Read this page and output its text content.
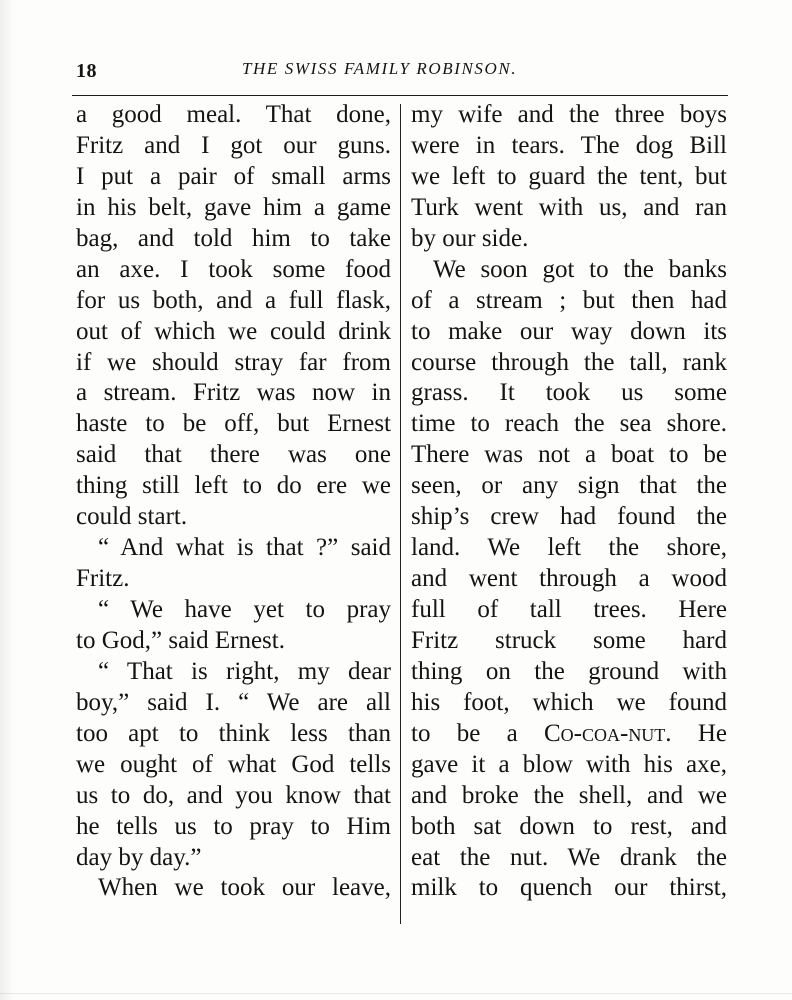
18	THE SWISS FAMILY ROBINSON.
a good meal. That done,
Fritz and I got our guns.
I put a pair of small arms
in his belt, gave him a game
bag, and told him to take
an axe. I took some food
for us both, and a full flask,
out of which we could drink
if we should stray far from
a stream. Fritz was now in
haste to be off, but Ernest
said that there was one
thing still left to do ere we
could start.
“ And what is that ?” said
Fritz.
“ We have yet to pray
to God,” said Ernest.
“ That is right, my dear
boy,” said I. “ We are all
too apt to think less than
we ought of what God tells
us to do, and you know that
he tells us to pray to Him
day by day.”
When we took our leave,
my wife and the three boys
were in tears. The dog Bill
we left to guard the tent, but
Turk went with us, and ran
by our side.
We soon got to the banks
of a stream ; but then had
to make our way down its
course through the tall, rank
grass. It took us some
time to reach the sea shore.
There was not a boat to be
seen, or any sign that the
ship’s crew had found the
land. We left the shore,
and went through a wood
full of tall trees. Here
Fritz struck some hard
thing on the ground with
his foot, which we found
to be a Co-coa-nut. He
gave it a blow with his axe,
and broke the shell, and we
both sat down to rest, and
eat the nut. We drank the
milk to quench our thirst,
